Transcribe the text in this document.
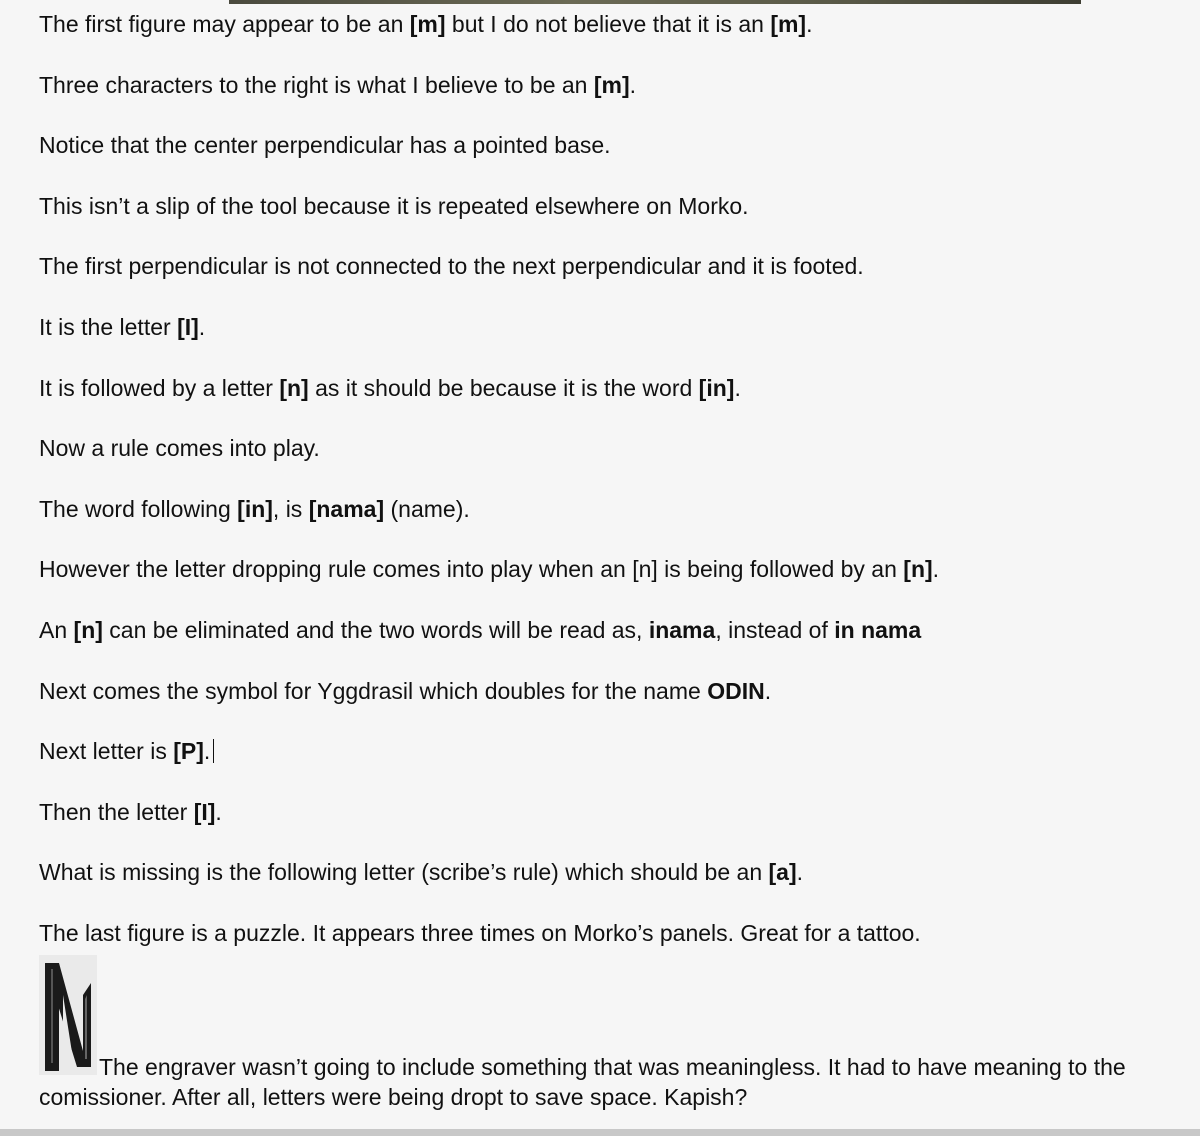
The first figure may appear to be an [m] but I do not believe that it is an [m].
Three characters to the right is what I believe to be an [m].
Notice that the center perpendicular has a pointed base.
This isn’t a slip of the tool because it is repeated elsewhere on Morko.
The first perpendicular is not connected to the next perpendicular and it is footed.
It is the letter [I].
It is followed by a letter [n] as it should be because it is the word [in].
Now a rule comes into play.
The word following [in], is [nama] (name).
However the letter dropping rule comes into play when an [n] is being followed by an [n].
An [n] can be eliminated and the two words will be read as, inama, instead of in nama
Next comes the symbol for Yggdrasil which doubles for the name ODIN.
Next letter is [P].
Then the letter [I].
What is missing is the following letter (scribe’s rule) which should be an [a].
The last figure is a puzzle. It appears three times on Morko’s panels. Great for a tattoo.
The engraver wasn’t going to include something that was meaningless. It had to have meaning to the
comissioner. After all, letters were being dropt to save space. Kapish?
